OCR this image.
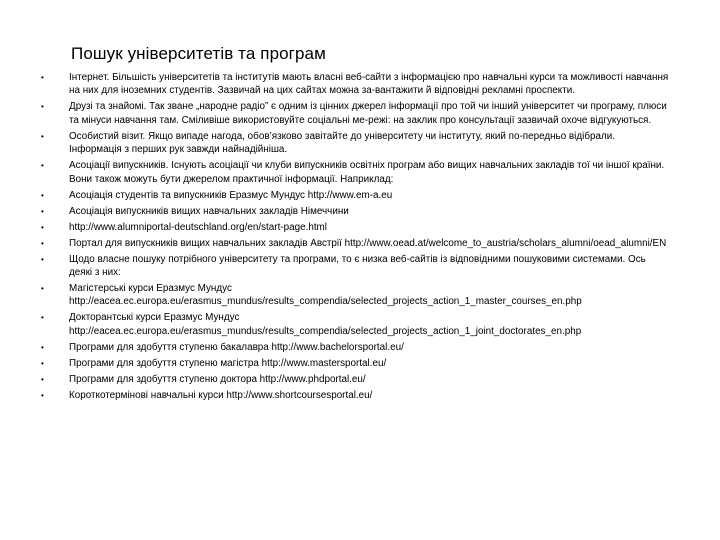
Пошук університетів та програм
•	Інтернет. Більшість університетів та інститутів мають власні веб-сайти з інформацією про навчальні курси та можливості навчання на них для іноземних студентів. Зазвичай на цих сайтах можна за-вантажити й відповідні рекламні проспекти.
•	Друзі та знайомі. Так зване „народне радіо” є одним із цінних джерел інформації про той чи інший університет чи програму, плюси та мінуси навчання там. Сміливіше використовуйте соціальні ме-режі: на заклик про консультації зазвичай охоче відгукуються.
•	Особистий візит. Якщо випаде нагода, обов’язково завітайте до університету чи інституту, який по-передньо відібрали. Інформація з перших рук завжди найнадійніша.
•	Асоціації випускників. Існують асоціації чи клуби випускників освітніх програм або вищих навчальних закладів тої чи іншої країни. Вони також можуть бути джерелом практичної інформації. Наприклад:
•	Асоціація студентів та випускників Еразмус Мундус http://www.em-a.eu
•	Асоціація випускників вищих навчальних закладів Німеччини
•	http://www.alumniportal-deutschland.org/en/start-page.html
•	Портал для випускників вищих навчальних закладів Австрії http://www.oead.at/welcome_to_austria/scholars_alumni/oead_alumni/EN
•	Щодо власне пошуку потрібного університету та програми, то є низка веб-сайтів із відповідними пошуковими системами. Ось деякі з них:
•	Магістерські курси Еразмус Мундус http://eacea.ec.europa.eu/erasmus_mundus/results_compendia/selected_projects_action_1_master_courses_en.php
•	Докторантські курси Еразмус Мундус http://eacea.ec.europa.eu/erasmus_mundus/results_compendia/selected_projects_action_1_joint_doctorates_en.php
•	Програми для здобуття ступеню бакалавра http://www.bachelorsportal.eu/
•	Програми для здобуття ступеню магістра http://www.mastersportal.eu/
•	Програми для здобуття ступеню доктора http://www.phdportal.eu/
•	Короткотермінові навчальні курси http://www.shortcoursesportal.eu/
